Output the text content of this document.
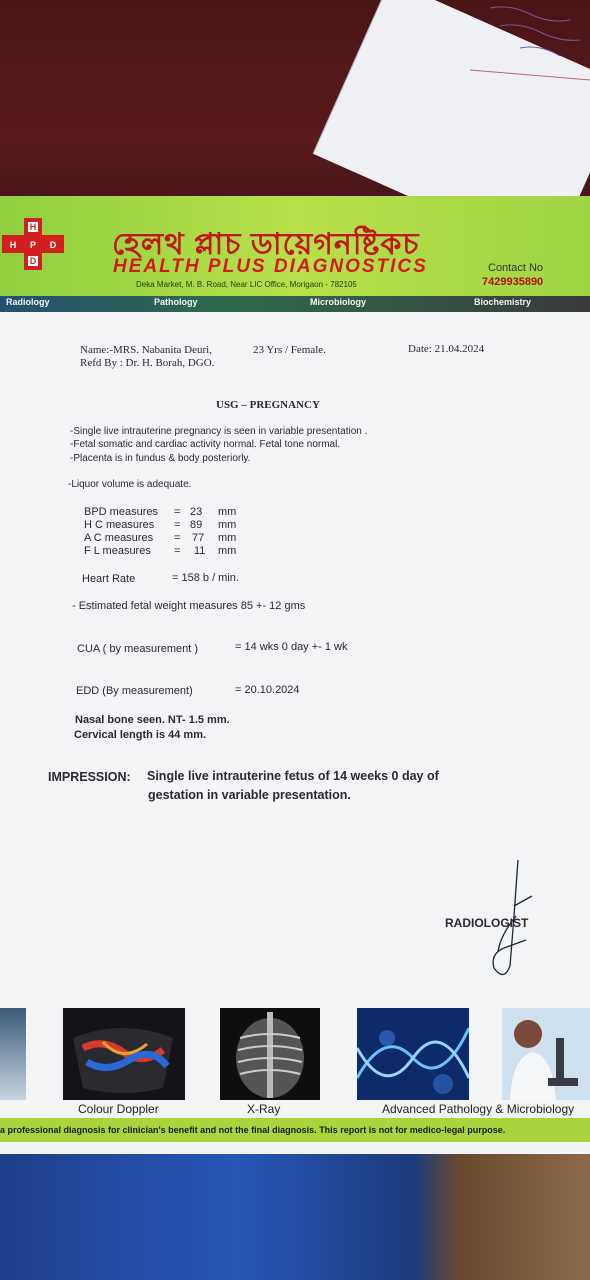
H
H P D
D	হেলথ প্লাচ ডায়েগনষ্টিকচ
HEALTH PLUS DIAGNOSTICS
Deka Market, M. B. Road, Near LIC Office, Morigaon - 782105
Contact No
7429935890
Radiology	Pathology	Microbiology	Biochemistry
Name:-MRS. Nabanita Deuri,	23 Yrs / Female.	Date: 21.04.2024
Refd By : Dr. H. Borah, DGO.
USG – PREGNANCY
-Single live intrauterine pregnancy is seen in variable presentation .
-Fetal somatic and cardiac activity normal. Fetal tone normal.
-Placenta is in fundus & body posteriorly.
-Liquor volume is adequate.
BPD measures = 23 mm
H C measures = 89 mm
A C measures = 77 mm
F L measures = 11 mm
Heart Rate	= 158 b / min.
- Estimated fetal weight measures 85 +- 12 gms
CUA ( by measurement )	= 14 wks 0 day +- 1 wk
EDD (By measurement)	= 20.10.2024
Nasal bone seen. NT- 1.5 mm.
Cervical length is 44 mm.
IMPRESSION: Single live intrauterine fetus of 14 weeks 0 day of
gestation in variable presentation.
RADIOLOGIST
Colour Doppler	X-Ray	Advanced Pathology & Microbiology
a professional diagnosis for clinician's benefit and not the final diagnosis. This report is not for medico-legal purpose.
